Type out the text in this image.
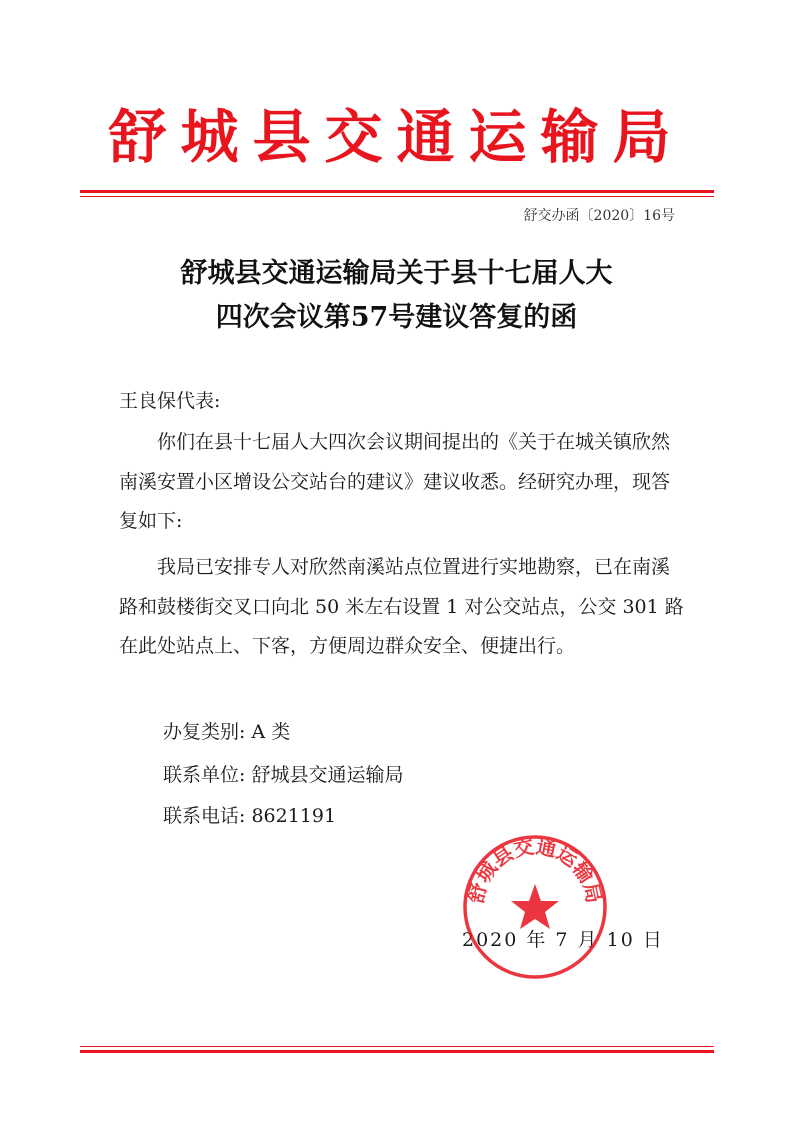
舒城县交通运输局
舒交办函〔2020〕16号
舒城县交通运输局关于县十七届人大
四次会议第57号建议答复的函
王良保代表:
你们在县十七届人大四次会议期间提出的《关于在城关镇欣然南溪安置小区增设公交站台的建议》建议收悉。经研究办理，现答复如下:
我局已安排专人对欣然南溪站点位置进行实地勘察，已在南溪路和鼓楼街交叉口向北 50 米左右设置 1 对公交站点，公交 301 路在此处站点上、下客，方便周边群众安全、便捷出行。
办复类别: A 类
联系单位: 舒城县交通运输局
联系电话: 8621191
2020 年 7 月 10 日
舒城县交通运输局
